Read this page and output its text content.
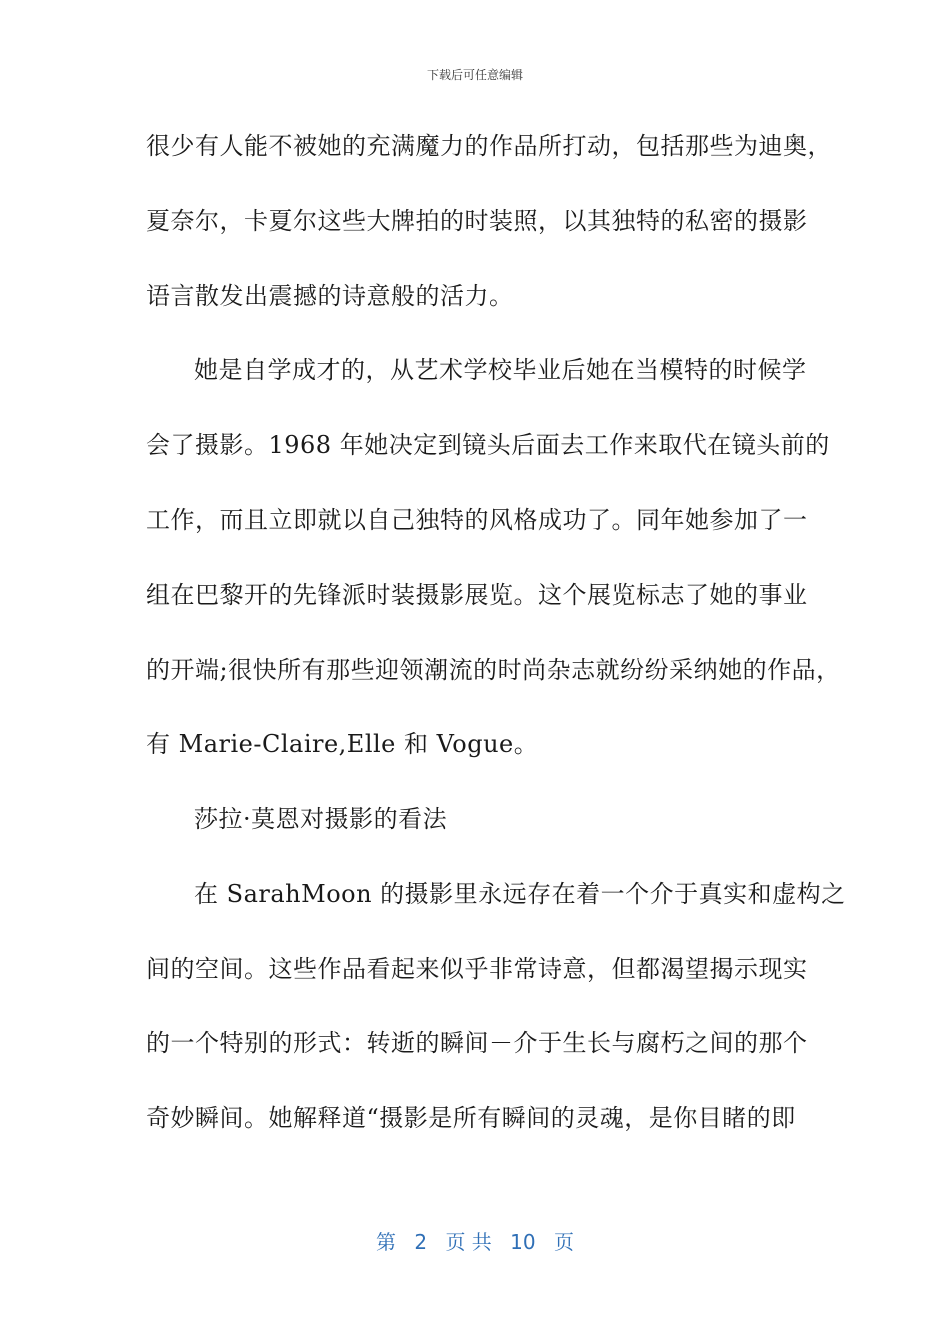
下载后可任意编辑
很少有人能不被她的充满魔力的作品所打动，包括那些为迪奥，
夏奈尔，卡夏尔这些大牌拍的时装照，以其独特的私密的摄影
语言散发出震撼的诗意般的活力。
她是自学成才的，从艺术学校毕业后她在当模特的时候学
会了摄影。1968 年她决定到镜头后面去工作来取代在镜头前的
工作，而且立即就以自己独特的风格成功了。同年她参加了一
组在巴黎开的先锋派时装摄影展览。这个展览标志了她的事业
的开端;很快所有那些迎领潮流的时尚杂志就纷纷采纳她的作品，
有 Marie-Claire,Elle 和 Vogue。
莎拉·莫恩对摄影的看法
在 SarahMoon 的摄影里永远存在着一个介于真实和虚构之
间的空间。这些作品看起来似乎非常诗意，但都渴望揭示现实
的一个特别的形式：转逝的瞬间－介于生长与腐朽之间的那个
奇妙瞬间。她解释道“摄影是所有瞬间的灵魂，是你目睹的即
第 2 页 共 10 页
